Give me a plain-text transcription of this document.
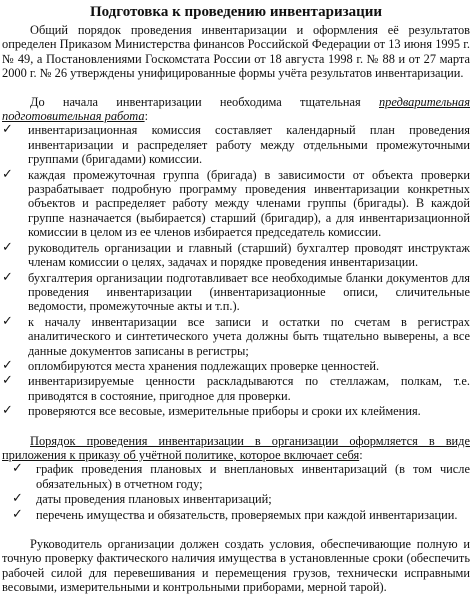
Подготовка к проведению инвентаризации

Общий порядок проведения инвентаризации и оформления её результатов определен Приказом Министерства финансов Российской Федерации от 13 июня 1995 г. № 49, а Постановлениями Госкомстата России от 18 августа 1998 г. № 88 и от 27 марта 2000 г. № 26 утверждены унифицированные формы учёта результатов инвентаризации.

До начала инвентаризации необходима тщательная предварительная подготовительная работа:

✓	инвентаризационная комиссия составляет календарный план проведения инвентаризации и распределяет работу между отдельными промежуточными группами (бригадами) комиссии.
✓	каждая промежуточная группа (бригада) в зависимости от объекта проверки разрабатывает подробную программу проведения инвентаризации конкретных объектов и распределяет работу между членами группы (бригады). В каждой группе назначается (выбирается) старший (бригадир), а для инвентаризационной комиссии в целом из ее членов избирается председатель комиссии.
✓	руководитель организации и главный (старший) бухгалтер проводят инструктаж членам комиссии о целях, задачах и порядке проведения инвентаризации.
✓	бухгалтерия организации подготавливает все необходимые бланки документов для проведения инвентаризации (инвентаризационные описи, сличительные ведомости, промежуточные акты и т.п.).
✓	к началу инвентаризации все записи и остатки по счетам в регистрах аналитического и синтетического учета должны быть тщательно выверены, а все данные документов записаны в регистры;
✓	опломбируются места хранения подлежащих проверке ценностей.
✓	инвентаризируемые ценности раскладываются по стеллажам, полкам, т.е. приводятся в состояние, пригодное для проверки.
✓	проверяются все весовые, измерительные приборы и сроки их клеймения.

Порядок проведения инвентаризации в организации оформляется в виде приложения к приказу об учётной политике, которое включает себя:

✓	график проведения плановых и внеплановых инвентаризаций (в том числе обязательных) в отчетном году;
✓	даты проведения плановых инвентаризаций;
✓	перечень имущества и обязательств, проверяемых при каждой инвентаризации.

Руководитель организации должен создать условия, обеспечивающие полную и точную проверку фактического наличия имущества в установленные сроки (обеспечить рабочей силой для перевешивания и перемещения грузов, технически исправными весовыми, измерительными и контрольными приборами, мерной тарой).
